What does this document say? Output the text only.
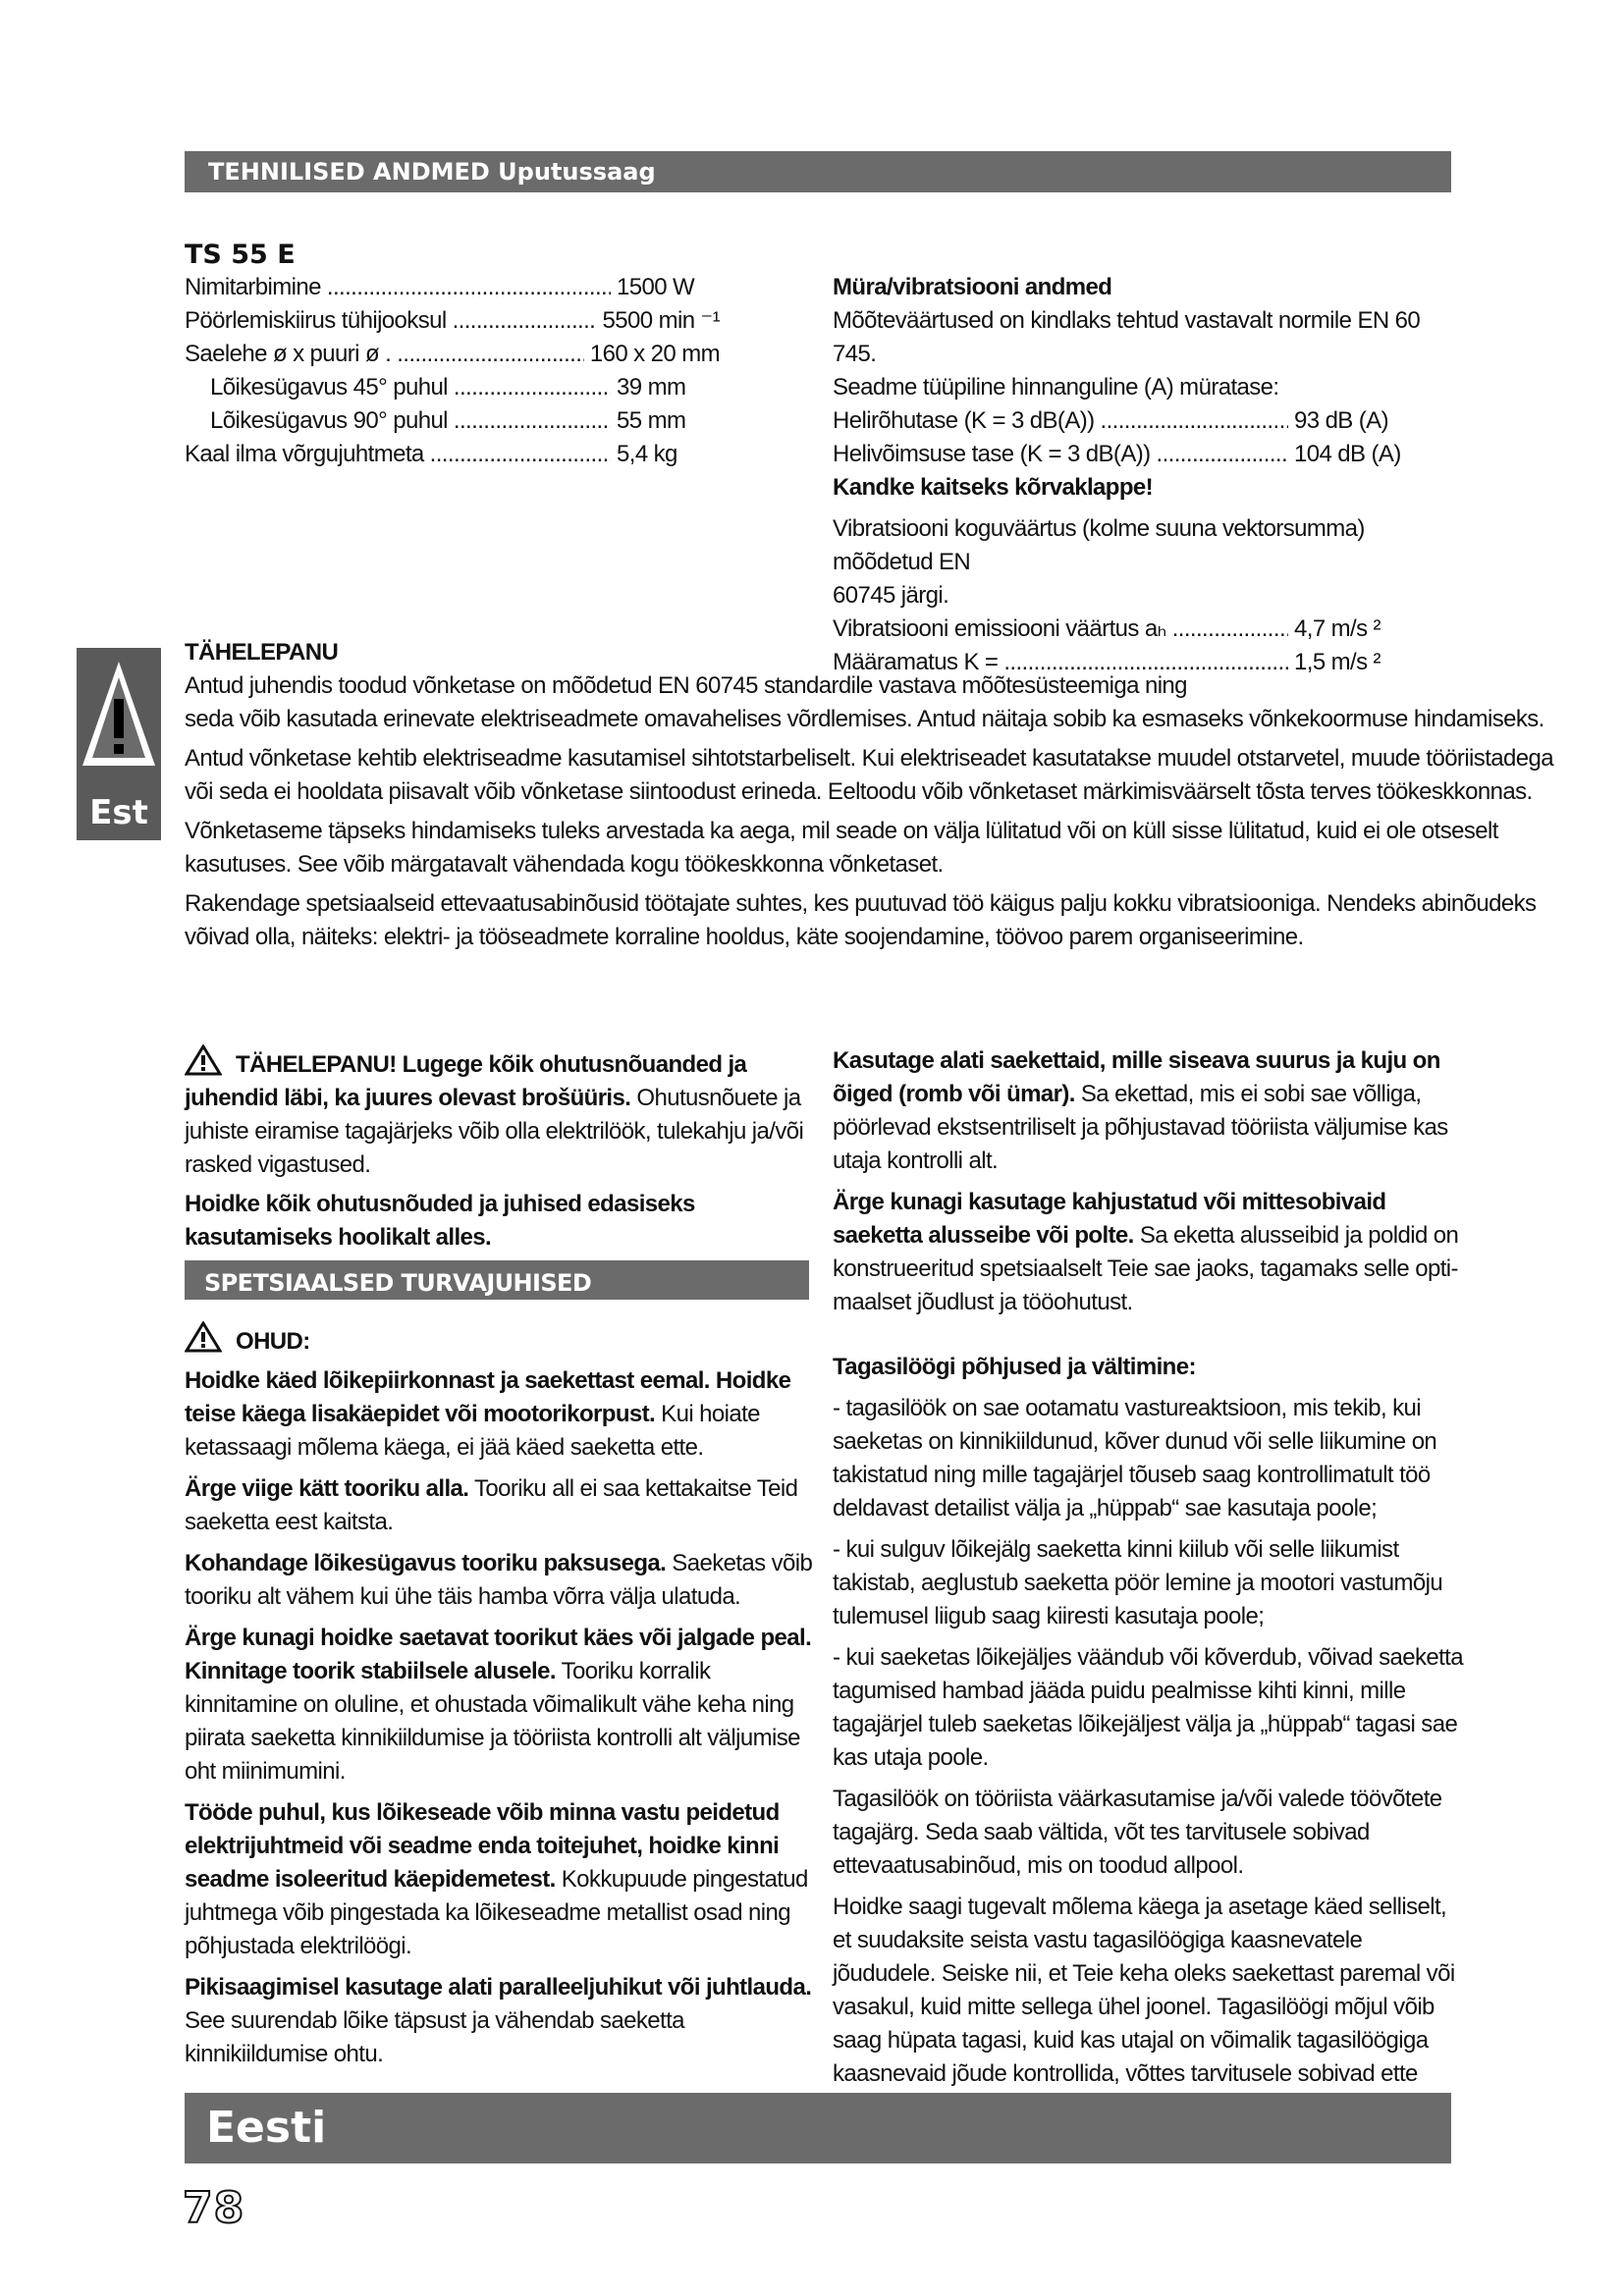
TEHNILISED ANDMED Uputussaag
TS 55 E
Nimitarbimine .....	1500 W
Pöörlemiskiirus tühijooksul .....	5500 min ⁻¹
Saelehe ø x puuri ø . .....	160 x 20 mm
Lõikesügavus 45° puhul .....	39 mm
Lõikesügavus 90° puhul .....	55 mm
Kaal ilma võrgujuhtmeta .....	5,4 kg
Müra/vibratsiooni andmed
Mõõteväärtused on kindlaks tehtud vastavalt normile EN 60 745.
Seadme tüüpiline hinnanguline (A) müratase:
Helirõhutase (K = 3 dB(A)) .....	93 dB (A)
Helivõimsuse tase (K = 3 dB(A)) .....	104 dB (A)
Kandke kaitseks kõrvaklappe!
Vibratsiooni koguväärtus (kolme suuna vektorsumma) mõõdetud EN
60745 järgi.
Vibratsiooni emissiooni väärtus aₕ .....	4,7 m/s ²
Määramatus K = .....	1,5 m/s ²
Est
TÄHELEPANU
Antud juhendis toodud võnketase on mõõdetud EN 60745 standardile vastava mõõtesüsteemiga ning
seda võib kasutada erinevate elektriseadmete omavahelises võrdlemises. Antud näitaja sobib ka esmaseks võnkekoormuse hindamiseks.
Antud võnketase kehtib elektriseadme kasutamisel sihtotstarbeliselt. Kui elektriseadet kasutatakse muudel otstarvetel, muude tööriistadega
või seda ei hooldata piisavalt võib võnketase siintoodust erineda. Eeltoodu võib võnketaset märkimisväärselt tõsta terves töökeskkonnas.
Võnketaseme täpseks hindamiseks tuleks arvestada ka aega, mil seade on välja lülitatud või on küll sisse lülitatud, kuid ei ole otseselt
kasutuses. See võib märgatavalt vähendada kogu töökeskkonna võnketaset.
Rakendage spetsiaalseid ettevaatusabinõusid töötajate suhtes, kes puutuvad töö käigus palju kokku vibratsiooniga. Nendeks abinõudeks
võivad olla, näiteks: elektri- ja tööseadmete korraline hooldus, käte soojendamine, töövoo parem organiseerimine.
TÄHELEPANU! Lugege kõik ohutusnõuanded ja juhendid läbi, ka juures olevast brošüüris. Ohutusnõuete ja juhiste eiramise tagajärjeks võib olla elektrilöök, tulekahju ja/või rasked vigastused.
Hoidke kõik ohutusnõuded ja juhised edasiseks kasutamiseks hoolikalt alles.
SPETSIAALSED TURVAJUHISED
OHUD:
Hoidke käed lõikepiirkonnast ja saekettast eemal. Hoidke teise käega lisakäepidet või mootorikorpust. Kui hoiate ketassaagi mõlema käega, ei jää käed saeketta ette.
Ärge viige kätt tooriku alla. Tooriku all ei saa kettakaitse Teid saeketta eest kaitsta.
Kohandage lõikesügavus tooriku paksusega. Saeketas võib tooriku alt vähem kui ühe täis hamba võrra välja ulatuda.
Ärge kunagi hoidke saetavat toorikut käes või jalgade peal. Kinnitage toorik stabiilsele alusele. Tooriku korralik kinnitamine on oluline, et ohustada võimalikult vähe keha ning piirata saeketta kinnikiildumise ja tööriista kontrolli alt väljumise oht miinimumini.
Tööde puhul, kus lõikeseade võib minna vastu peidetud elektrijuhtmeid või seadme enda toitejuhet, hoidke kinni seadme isoleeritud käepidemetest. Kokkupuude pingestatud juhtmega võib pingestada ka lõikeseadme metallist osad ning põhjustada elektrilöögi.
Pikisaagimisel kasutage alati paralleeljuhikut või juhtlauda. See suurendab lõike täpsust ja vähendab saeketta kinnikiildumise ohtu.
Kasutage alati saekettaid, mille siseava suurus ja kuju on õiged (romb või ümar). Sa ekettad, mis ei sobi sae võlliga, pöörlevad ekstsentriliselt ja põhjustavad tööriista väljumise kas utaja kontrolli alt.
Ärge kunagi kasutage kahjustatud või mittesobivaid saeketta alusseibe või polte. Sa eketta alusseibid ja poldid on konstrueeritud spetsiaalselt Teie sae jaoks, tagamaks selle opti-maalset jõudlust ja tööohutust.
Tagasilöögi põhjused ja vältimine:
- tagasilöök on sae ootamatu vastureaktsioon, mis tekib, kui saeketas on kinnikiildunud, kõver dunud või selle liikumine on takistatud ning mille tagajärjel tõuseb saag kontrollimatult töö deldavast detailist välja ja „hüppab“ sae kasutaja poole;
- kui sulguv lõikejälg saeketta kinni kiilub või selle liikumist takistab, aeglustub saeketta pöör lemine ja mootori vastumõju tulemusel liigub saag kiiresti kasutaja poole;
- kui saeketas lõikejäljes väändub või kõverdub, võivad saeketta tagumised hambad jääda puidu pealmisse kihti kinni, mille tagajärjel tuleb saeketas lõikejäljest välja ja „hüppab“ tagasi sae kas utaja poole.
Tagasilöök on tööriista väärkasutamise ja/või valede töövõtete tagajärg. Seda saab vältida, võt tes tarvitusele sobivad ettevaatusabinõud, mis on toodud allpool.
Hoidke saagi tugevalt mõlema käega ja asetage käed selliselt, et suudaksite seista vastu tagasilöögiga kaasnevatele jõududele. Seiske nii, et Teie keha oleks saekettast paremal või vasakul, kuid mitte sellega ühel joonel. Tagasilöögi mõjul võib saag hüpata tagasi, kuid kas utajal on võimalik tagasilöögiga kaasnevaid jõude kontrollida, võttes tarvitusele sobivad ette
Eesti
78
